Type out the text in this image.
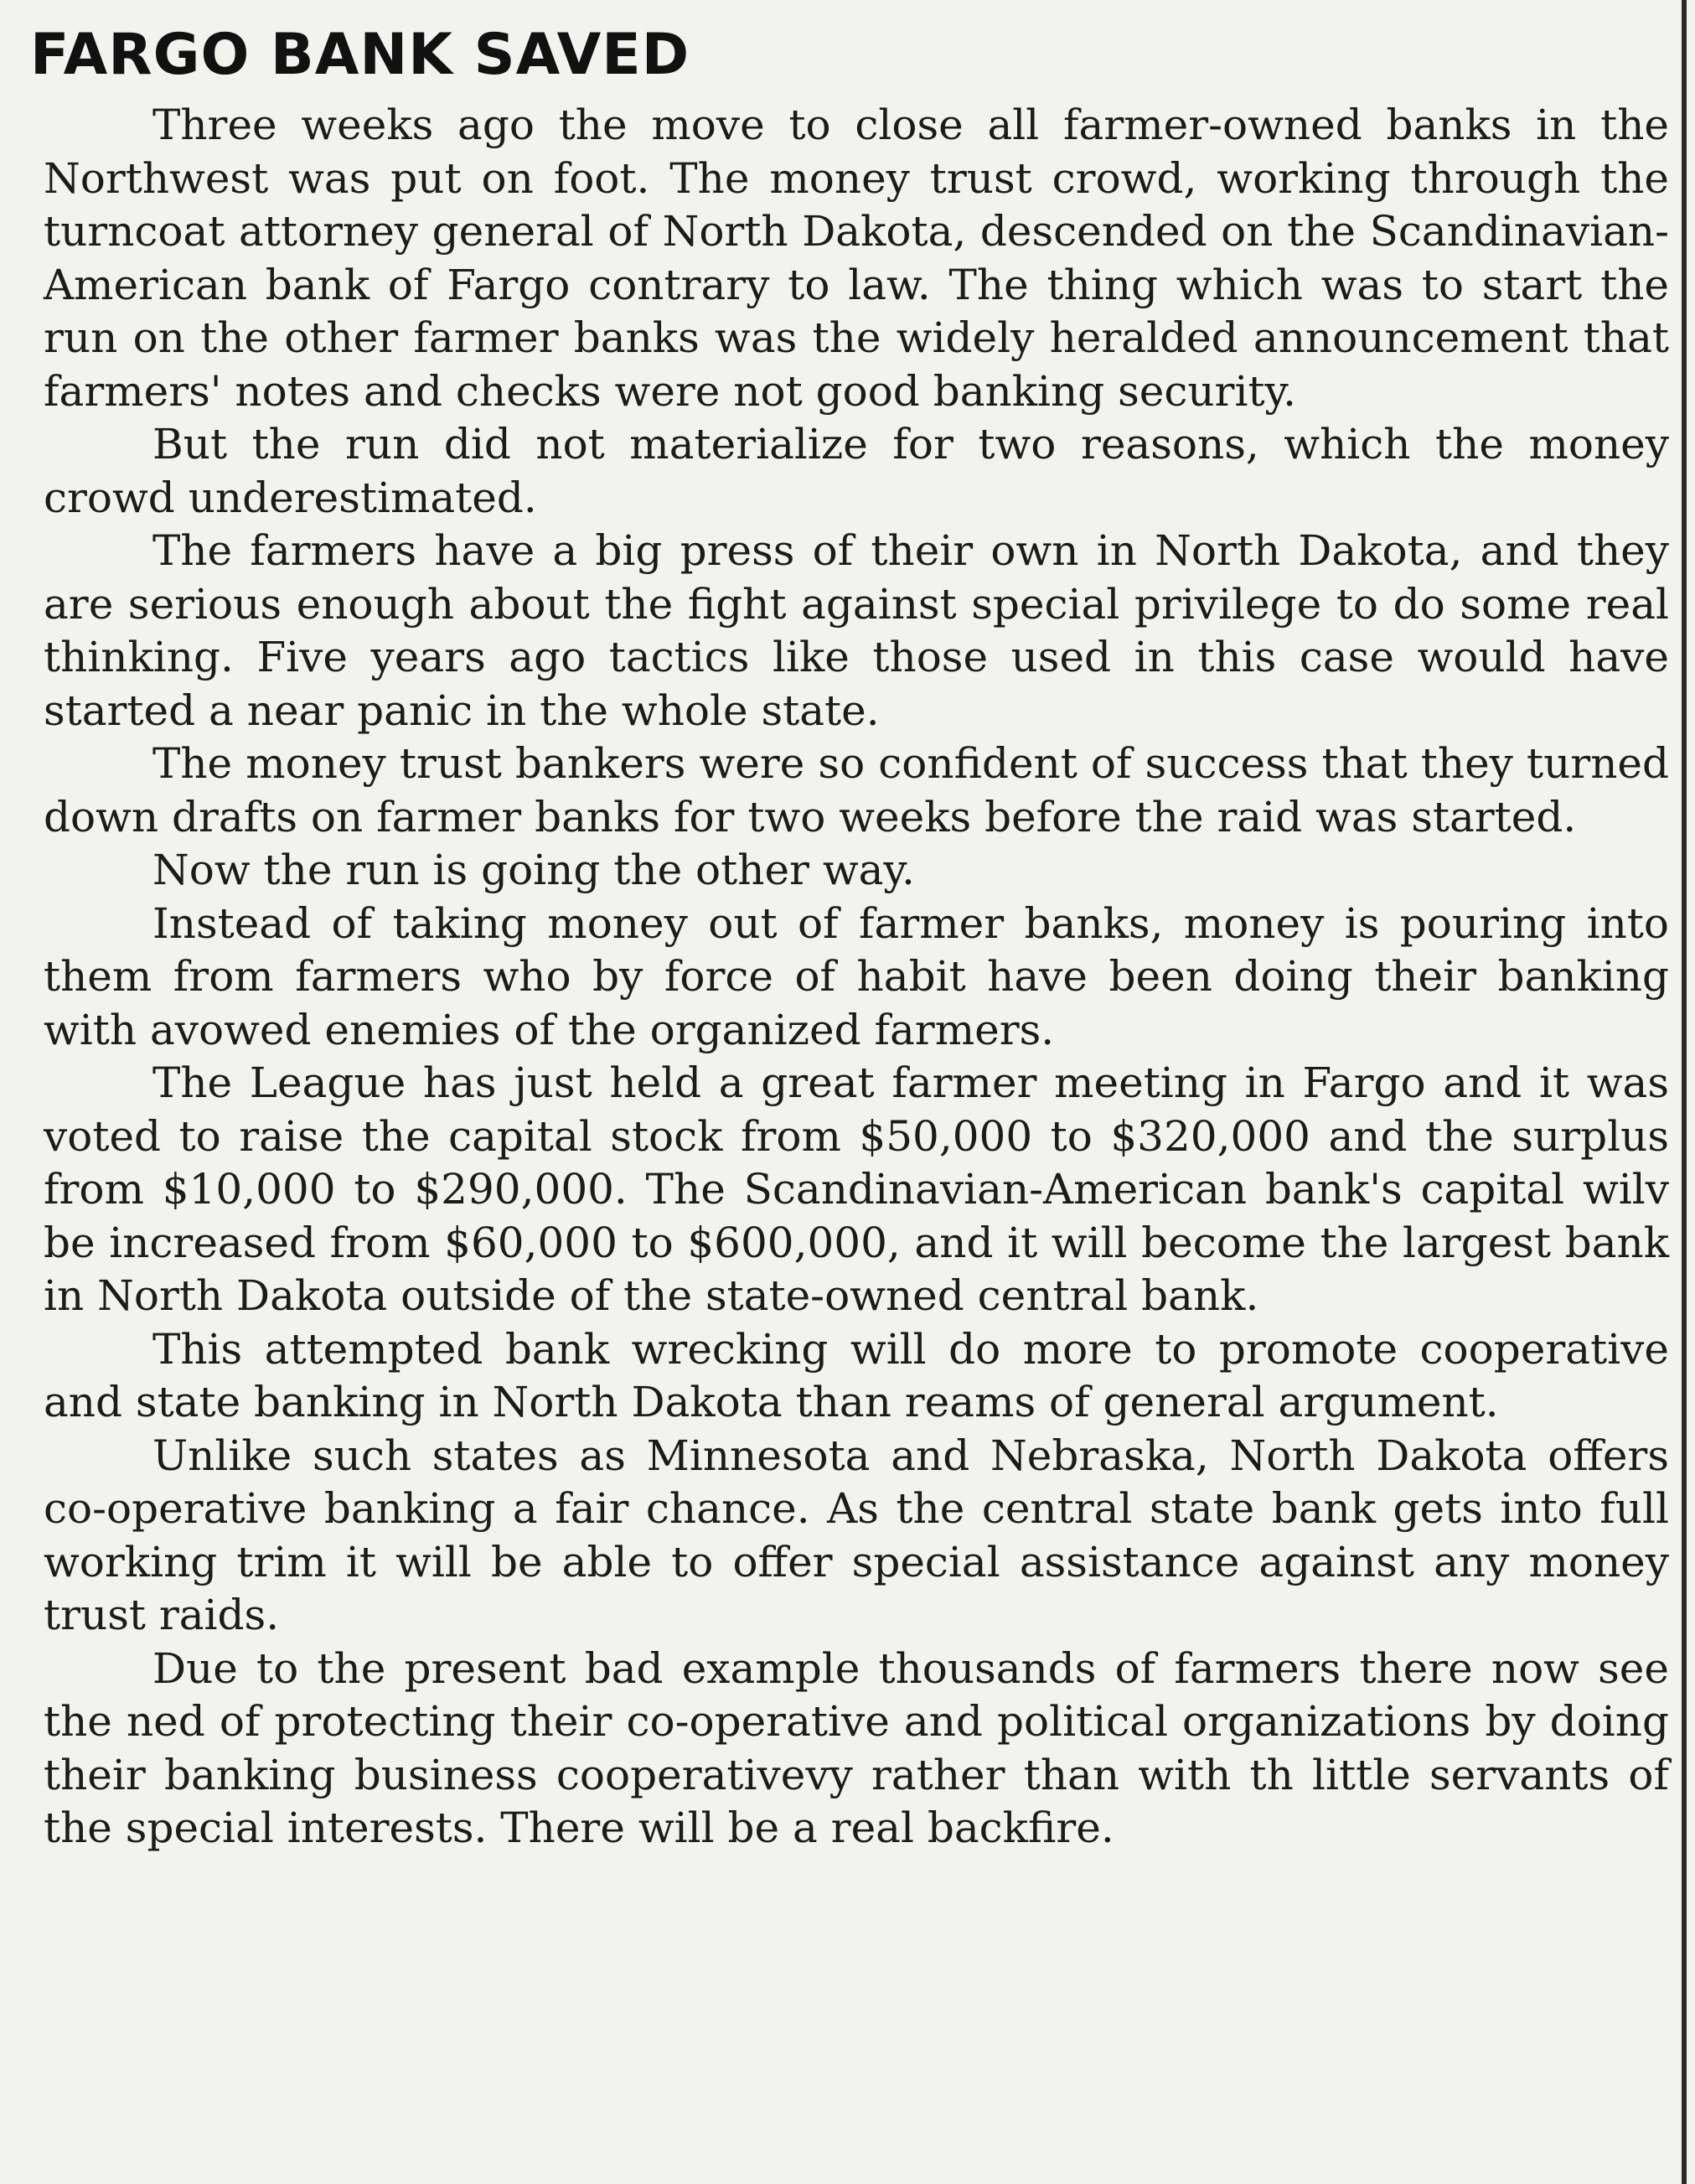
FARGO BANK SAVED

Three weeks ago the move to close all farmer-owned banks in the Northwest was put on foot. The money trust crowd, working through the turncoat attorney general of North Dakota, descended on the Scandinavian-American bank of Fargo contrary to law. The thing which was to start the run on the other farmer banks was the widely heralded announcement that farmers' notes and checks were not good banking security.

But the run did not materialize for two reasons, which the money crowd underestimated.

The farmers have a big press of their own in North Dakota, and they are serious enough about the fight against special privilege to do some real thinking. Five years ago tactics like those used in this case would have started a near panic in the whole state.

The money trust bankers were so confident of success that they turned down drafts on farmer banks for two weeks before the raid was started.

Now the run is going the other way.

Instead of taking money out of farmer banks, money is pouring into them from farmers who by force of habit have been doing their banking with avowed enemies of the organized farmers.

The League has just held a great farmer meeting in Fargo and it was voted to raise the capital stock from $50,000 to $320,000 and the surplus from $10,000 to $290,000. The Scandinavian-American bank's capital wilv be increased from $60,000 to $600,000, and it will become the largest bank in North Dakota outside of the state-owned central bank.

This attempted bank wrecking will do more to promote cooperative and state banking in North Dakota than reams of general argument.

Unlike such states as Minnesota and Nebraska, North Dakota offers co-operative banking a fair chance. As the central state bank gets into full working trim it will be able to offer special assistance against any money trust raids.

Due to the present bad example thousands of farmers there now see the ned of protecting their co-operative and political organizations by doing their banking business cooperativevy rather than with th little servants of the special interests. There will be a real backfire.
